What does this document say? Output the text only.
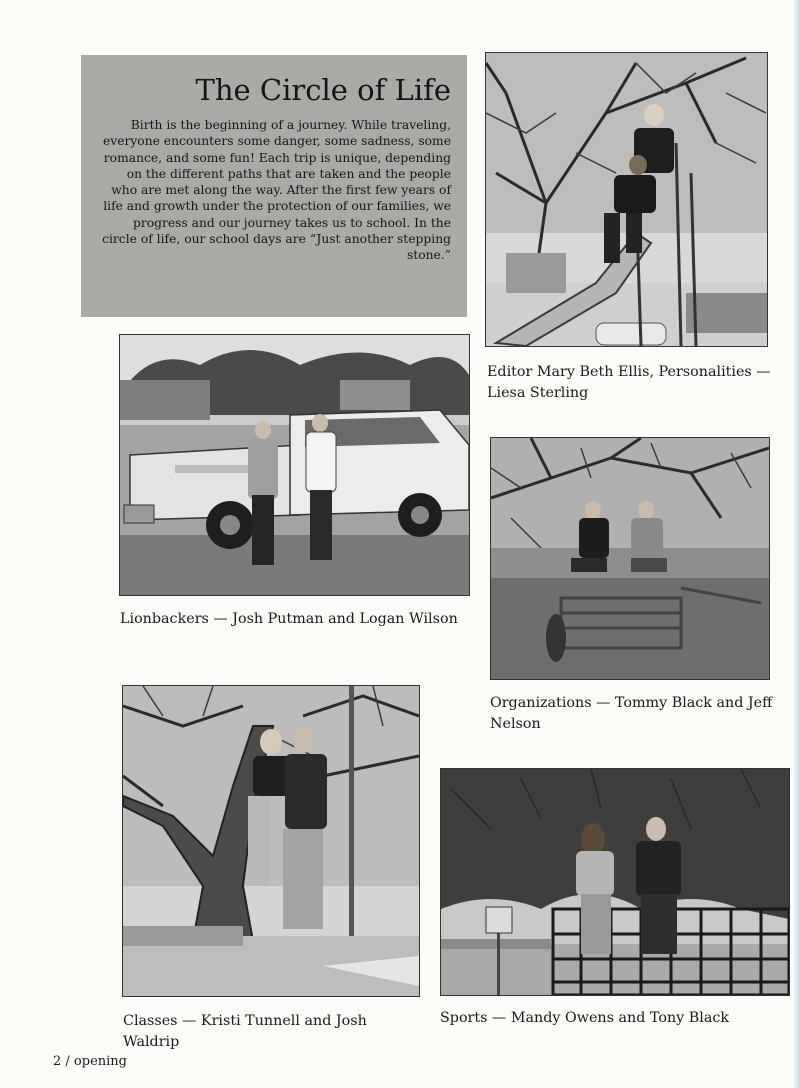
The Circle of Life

Birth is the beginning of a journey. While traveling, everyone encounters some danger, some sadness, some romance, and some fun! Each trip is unique, depending on the different paths that are taken and the people who are met along the way. After the first few years of life and growth under the protection of our families, we progress and our journey takes us to school. In the circle of life, our school days are “Just another stepping stone.”

Editor Mary Beth Ellis, Personalities — Liesa Sterling

Lionbackers — Josh Putman and Logan Wilson

Organizations — Tommy Black and Jeff Nelson

Classes — Kristi Tunnell and Josh Waldrip

Sports — Mandy Owens and Tony Black

2 / opening
